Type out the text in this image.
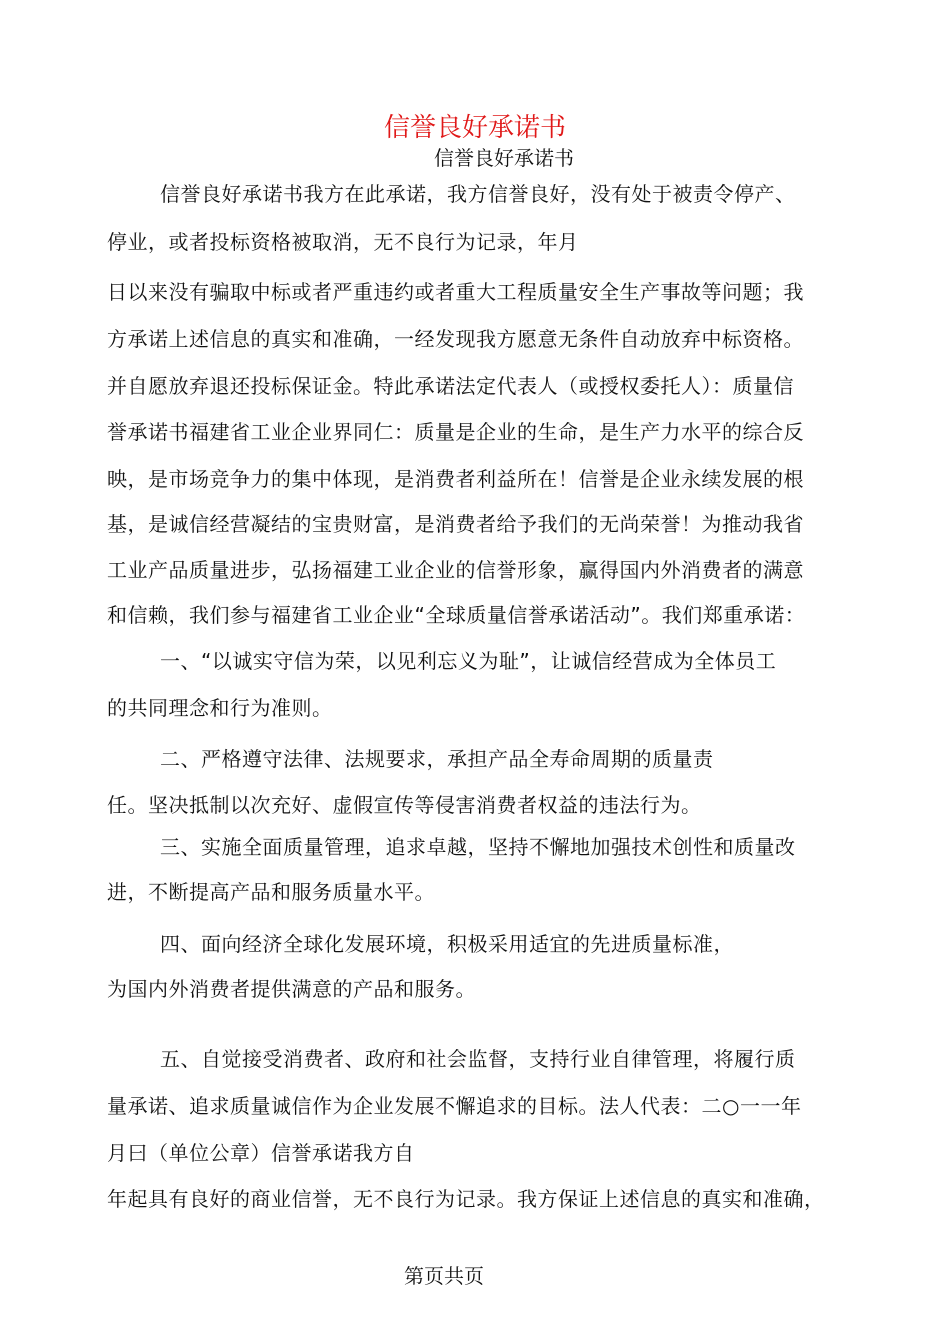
信誉良好承诺书
信誉良好承诺书
信誉良好承诺书我方在此承诺，我方信誉良好，没有处于被责令停产、
停业，或者投标资格被取消，无不良行为记录，年月
日以来没有骗取中标或者严重违约或者重大工程质量安全生产事故等问题；我
方承诺上述信息的真实和准确，一经发现我方愿意无条件自动放弃中标资格。
并自愿放弃退还投标保证金。特此承诺法定代表人（或授权委托人）：质量信
誉承诺书福建省工业企业界同仁：质量是企业的生命，是生产力水平的综合反
映，是市场竞争力的集中体现，是消费者利益所在！信誉是企业永续发展的根
基，是诚信经营凝结的宝贵财富，是消费者给予我们的无尚荣誉！为推动我省
工业产品质量进步，弘扬福建工业企业的信誉形象，赢得国内外消费者的满意
和信赖，我们参与福建省工业企业“全球质量信誉承诺活动”。我们郑重承诺：
一、“以诚实守信为荣，以见利忘义为耻”，让诚信经营成为全体员工
的共同理念和行为准则。
二、严格遵守法律、法规要求，承担产品全寿命周期的质量责
任。坚决抵制以次充好、虚假宣传等侵害消费者权益的违法行为。
三、实施全面质量管理，追求卓越，坚持不懈地加强技术创性和质量改
进，不断提高产品和服务质量水平。
四、面向经济全球化发展环境，积极采用适宜的先进质量标准，
为国内外消费者提供满意的产品和服务。
五、自觉接受消费者、政府和社会监督，支持行业自律管理，将履行质
量承诺、追求质量诚信作为企业发展不懈追求的目标。法人代表：二○一一年
月曰（单位公章）信誉承诺我方自
年起具有良好的商业信誉，无不良行为记录。我方保证上述信息的真实和准确，
第页共页
